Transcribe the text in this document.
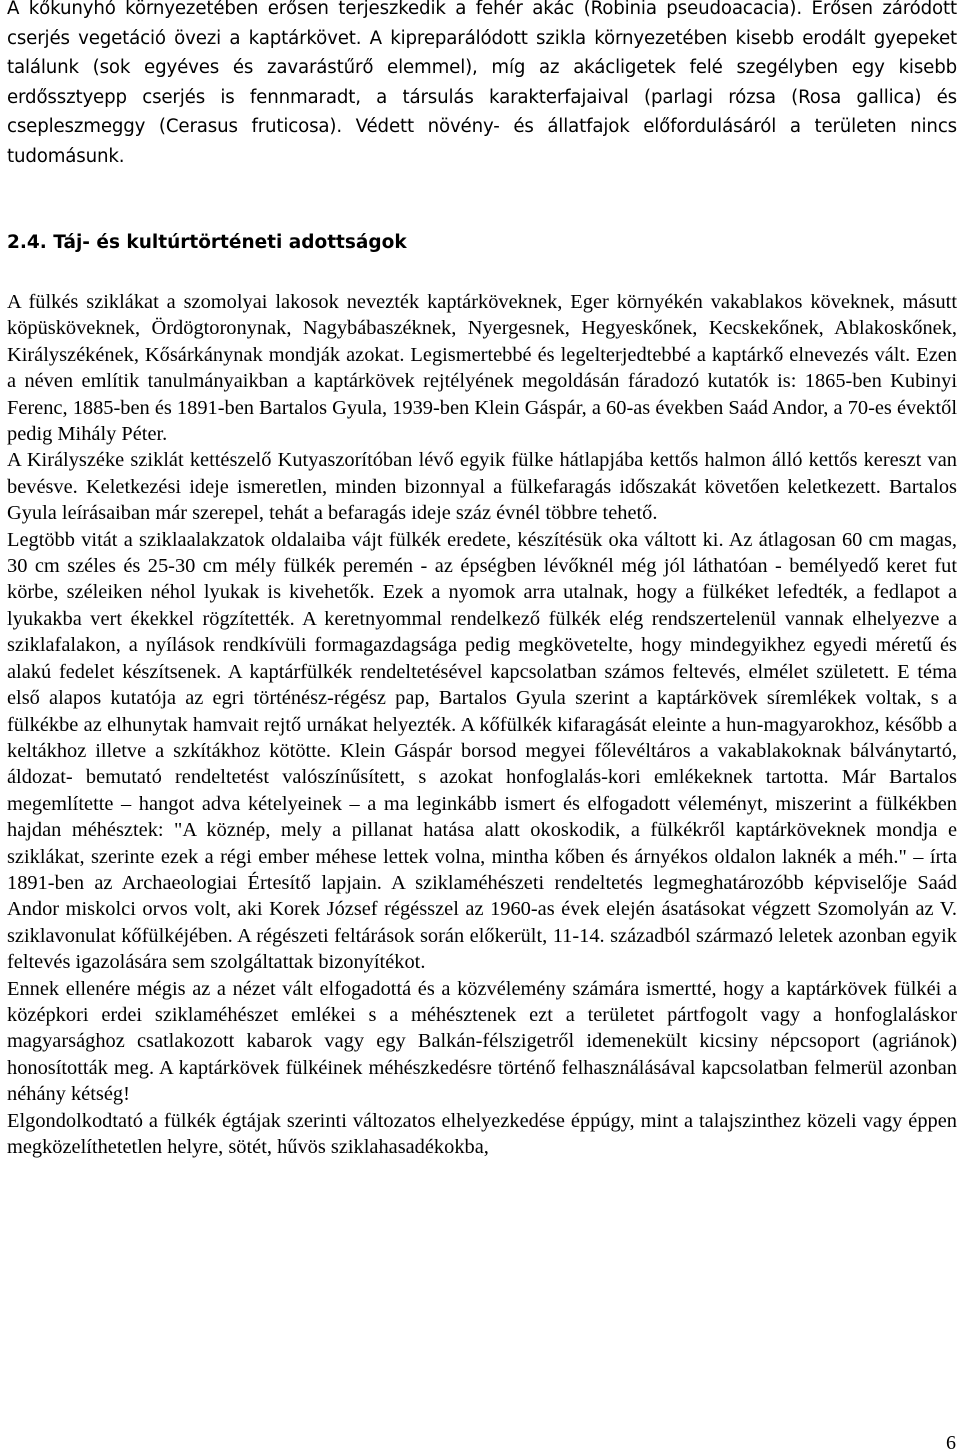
A kőkunyhó környezetében erősen terjeszkedik a fehér akác (Robinia pseudoacacia). Erősen záródott cserjés vegetáció övezi a kaptárkövet. A kipreparálódott szikla környezetében kisebb erodált gyepeket találunk (sok egyéves és zavarástűrő elemmel), míg az akácligetek felé szegélyben egy kisebb erdőssztyepp cserjés is fennmaradt, a társulás karakterfajaival (parlagi rózsa (Rosa gallica) és csepleszmeggy (Cerasus fruticosa). Védett növény- és állatfajok előfordulásáról a területen nincs tudomásunk.

2.4. Táj- és kultúrtörténeti adottságok

A fülkés sziklákat a szomolyai lakosok nevezték kaptárköveknek, Eger környékén vakablakos köveknek, másutt köpüsköveknek, Ördögtoronynak, Nagybábaszéknek, Nyergesnek, Hegyeskőnek, Kecskekőnek, Ablakoskőnek, Királyszékének, Kősárkánynak mondják azokat. Legismertebbé és legelterjedtebbé a kaptárkő elnevezés vált. Ezen a néven említik tanulmányaikban a kaptárkövek rejtélyének megoldásán fáradozó kutatók is: 1865-ben Kubinyi Ferenc, 1885-ben és 1891-ben Bartalos Gyula, 1939-ben Klein Gáspár, a 60-as években Saád Andor, a 70-es évektől pedig Mihály Péter.

A Királyszéke sziklát kettészelő Kutyaszorítóban lévő egyik fülke hátlapjába kettős halmon álló kettős kereszt van bevésve. Keletkezési ideje ismeretlen, minden bizonnyal a fülkefaragás időszakát követően keletkezett. Bartalos Gyula leírásaiban már szerepel, tehát a befaragás ideje száz évnél többre tehető.

Legtöbb vitát a sziklaalakzatok oldalaiba vájt fülkék eredete, készítésük oka váltott ki. Az átlagosan 60 cm magas, 30 cm széles és 25-30 cm mély fülkék peremén - az épségben lévőknél még jól láthatóan - bemélyedő keret fut körbe, széleiken néhol lyukak is kivehetők. Ezek a nyomok arra utalnak, hogy a fülkéket lefedték, a fedlapot a lyukakba vert ékekkel rögzítették. A keretnyommal rendelkező fülkék elég rendszertelenül vannak elhelyezve a sziklafalakon, a nyílások rendkívüli formagazdagsága pedig megkövetelte, hogy mindegyikhez egyedi méretű és alakú fedelet készítsenek. A kaptárfülkék rendeltetésével kapcsolatban számos feltevés, elmélet született. E téma első alapos kutatója az egri történész-régész pap, Bartalos Gyula szerint a kaptárkövek síremlékek voltak, s a fülkékbe az elhunytak hamvait rejtő urnákat helyezték. A kőfülkék kifaragását eleinte a hun-magyarokhoz, később a keltákhoz illetve a szkítákhoz kötötte. Klein Gáspár borsod megyei főlevéltáros a vakablakoknak bálványtartó, áldozat- bemutató rendeltetést valószínűsített, s azokat honfoglalás-kori emlékeknek tartotta. Már Bartalos megemlítette – hangot adva kételyeinek – a ma leginkább ismert és elfogadott véleményt, miszerint a fülkékben hajdan méhésztek: "A köznép, mely a pillanat hatása alatt okoskodik, a fülkékről kaptárköveknek mondja e sziklákat, szerinte ezek a régi ember méhese lettek volna, mintha kőben és árnyékos oldalon laknék a méh." – írta 1891-ben az Archaeologiai Értesítő lapjain. A sziklaméhészeti rendeltetés legmeghatározóbb képviselője Saád Andor miskolci orvos volt, aki Korek József régésszel az 1960-as évek elején ásatásokat végzett Szomolyán az V. sziklavonulat kőfülkéjében. A régészeti feltárások során előkerült, 11-14. századból származó leletek azonban egyik feltevés igazolására sem szolgáltattak bizonyítékot.

Ennek ellenére mégis az a nézet vált elfogadottá és a közvélemény számára ismertté, hogy a kaptárkövek fülkéi a középkori erdei sziklaméhészet emlékei s a méhésztenek ezt a területet pártfogolt vagy a honfoglaláskor magyarsághoz csatlakozott kabarok vagy egy Balkán-félszigetről idemenekült kicsiny népcsoport (agriánok) honosították meg. A kaptárkövek fülkéinek méhészkedésre történő felhasználásával kapcsolatban felmerül azonban néhány kétség!

Elgondolkodtató a fülkék égtájak szerinti változatos elhelyezkedése éppúgy, mint a talajszinthez közeli vagy éppen megközelíthetetlen helyre, sötét, hűvös sziklahasadékokba,

6
